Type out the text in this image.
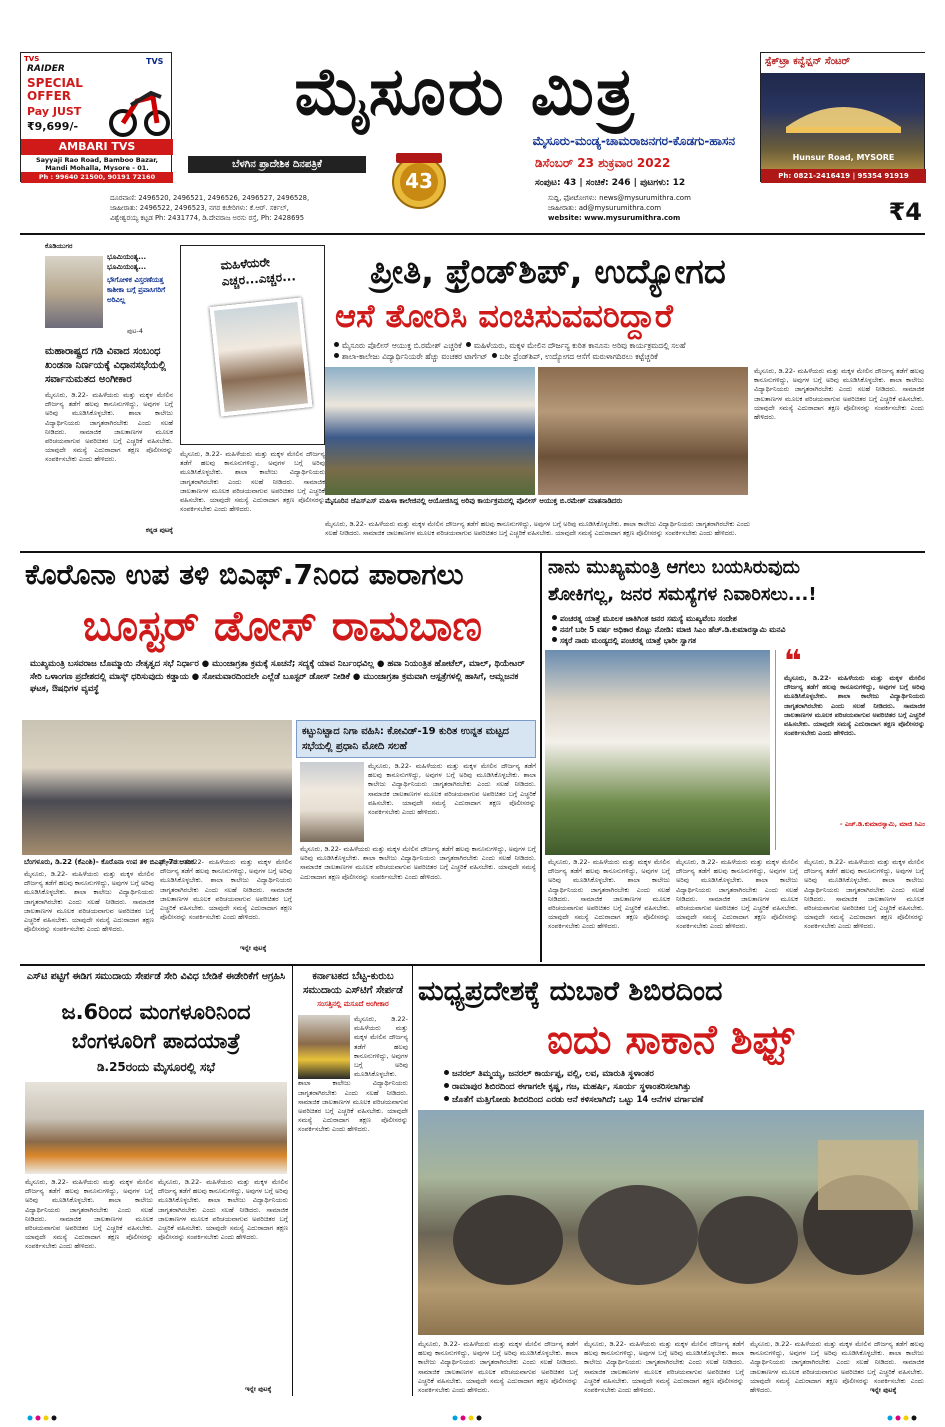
TVS
RAIDER
TVS
SPECIAL
OFFER
Pay JUST
₹9,699/-
AMBARI TVS
Sayyaji Rao Road, Bamboo Bazar,
Mandi Mohalla, Mysore - 01.
Ph : 99640 21500, 90191 72160
ಮೈಸೂರು ಮಿತ್ರ
ಮೈಸೂರು-ಮಂಡ್ಯ-ಚಾಮರಾಜನಗರ-ಕೊಡಗು-ಹಾಸನ
ಬೆಳಗಿನ ಪ್ರಾದೇಶಿಕ ದಿನಪತ್ರಿಕೆ
43
ಡಿಸೆಂಬರ್ 23 ಶುಕ್ರವಾರ 2022
ಸಂಪುಟ: 43 | ಸಂಚಿಕೆ: 246 | ಪುಟಗಳು: 12
ದೂರವಾಣಿ: 2496520, 2496521, 2496526, 2496527, 2496528,
ಜಾಹೀರಾತು: 2496522, 2496523, ನಗರ ಕಚೇರಿಗಳು: ಕೆ.ಆರ್. ಸರ್ಕಲ್,
ವಿಶ್ವೇಶ್ವರಯ್ಯ ಕಟ್ಟಡ Ph: 2431774, ಡಿ.ದೇವರಾಜ ಅರಸು ರಸ್ತೆ, Ph: 2428695
ಸುದ್ದಿ, ಫೋಟೋಗಳು: news@mysurumithra.com
ಜಾಹೀರಾತು: ad@mysurumithra.com
website: www.mysurumithra.com	₹4
ಸ್ಪೆಕ್‌ಟ್ರಾ ಕನ್ವೆನ್ಷನ್ ಸೆಂಟರ್
Hunsur Road, MYSORE
Ph: 0821-2416419 | 95354 91919
ಕೊಡಿಯುಗರ
ಭೂಮಿಯಂತ್ಯ... ಭೂಮಿಯಂತ್ಯ...
ಭೌಗೋಳಿಕ ವಿಸ್ತರಣೆಯತ್ತ ಕಾಶೀಕಾ ಬಗ್ಗೆ ಪ್ರವಾಸಿಗರಿಗೆ ಅರಿವಿಲ್ಲ
ಪುಟ-4
ಮಹಾರಾಷ್ಟ್ರದ ಗಡಿ ವಿವಾದ ಸಂಬಂಧ ಖಂಡನಾ ನಿರ್ಣಯಕ್ಕೆ ವಿಧಾನಸಭೆಯಲ್ಲಿ ಸರ್ವಾನುಮತದ ಅಂಗೀಕಾರ
ಮೈಸೂರು, ಡಿ.22- ಮಹಿಳೆಯರು ಮತ್ತು ಮಕ್ಕಳ ಮೇಲಿನ ದೌರ್ಜನ್ಯ ತಡೆಗೆ ಹಲವು ಕಾನೂನುಗಳಿದ್ದು, ಅವುಗಳ ಬಗ್ಗೆ ಅರಿವು ಮೂಡಿಸಿಕೊಳ್ಳಬೇಕು. ಶಾಲಾ ಕಾಲೇಜು ವಿದ್ಯಾರ್ಥಿನಿಯರು ಜಾಗೃತರಾಗಿರಬೇಕು ಎಂದು ಸಲಹೆ ನೀಡಿದರು. ಸಾಮಾಜಿಕ ಜಾಲತಾಣಗಳ ಮೂಲಕ ಪರಿಚಯವಾಗುವ ಅಪರಿಚಿತರ ಬಗ್ಗೆ ಎಚ್ಚರಿಕೆ ವಹಿಸಬೇಕು. ಯಾವುದೇ ಸಮಸ್ಯೆ ಎದುರಾದಾಗ ತಕ್ಷಣ ಪೊಲೀಸರನ್ನು ಸಂಪರ್ಕಿಸಬೇಕು ಎಂದು ಹೇಳಿದರು.
ಕನ್ನಡ ಪುಟಕ್ಕೆ
ಮಹಿಳೆಯರೇ ಎಚ್ಚರ...ಎಚ್ಚರ...	ಪ್ರೀತಿ, ಫ್ರೆಂಡ್‌ಶಿಪ್, ಉದ್ಯೋಗದ
ಆಸೆ ತೋರಿಸಿ ವಂಚಿಸುವವರಿದ್ದಾರೆ
ಮೈಸೂರು ಪೊಲೀಸ್ ಆಯುಕ್ತ ಬಿ.ರಮೇಶ್ ಎಚ್ಚರಿಕೆ ಮಹಿಳೆಯರು, ಮಕ್ಕಳ ಮೇಲಿನ ದೌರ್ಜನ್ಯ ಕುರಿತ ಕಾನೂನು ಅರಿವು ಕಾರ್ಯಕ್ರಮದಲ್ಲಿ ಸಲಹೆ
ಶಾಲಾ-ಕಾಲೇಜು ವಿದ್ಯಾರ್ಥಿನಿಯರೇ ಹೆಚ್ಚು ವಂಚಕರ ಟಾರ್ಗೆಟ್ ಬರೀ ಫ್ರೆಂಡ್‌ಶಿಪ್, ಉದ್ಯೋಗದ ಆಸೆಗೆ ಮರುಳಾಗದಿರಲು ಕಟ್ಟೆಚ್ಚರಿಕೆ
ಮೈಸೂರು, ಡಿ.22- ಮಹಿಳೆಯರು ಮತ್ತು ಮಕ್ಕಳ ಮೇಲಿನ ದೌರ್ಜನ್ಯ ತಡೆಗೆ ಹಲವು ಕಾನೂನುಗಳಿದ್ದು, ಅವುಗಳ ಬಗ್ಗೆ ಅರಿವು ಮೂಡಿಸಿಕೊಳ್ಳಬೇಕು. ಶಾಲಾ ಕಾಲೇಜು ವಿದ್ಯಾರ್ಥಿನಿಯರು ಜಾಗೃತರಾಗಿರಬೇಕು ಎಂದು ಸಲಹೆ ನೀಡಿದರು. ಸಾಮಾಜಿಕ ಜಾಲತಾಣಗಳ ಮೂಲಕ ಪರಿಚಯವಾಗುವ ಅಪರಿಚಿತರ ಬಗ್ಗೆ ಎಚ್ಚರಿಕೆ ವಹಿಸಬೇಕು. ಯಾವುದೇ ಸಮಸ್ಯೆ ಎದುರಾದಾಗ ತಕ್ಷಣ ಪೊಲೀಸರನ್ನು ಸಂಪರ್ಕಿಸಬೇಕು ಎಂದು ಹೇಳಿದರು.
ಮೈಸೂರಿನ ಜೆಎಸ್‌ಎಸ್ ಮಹಿಳಾ ಕಾಲೇಜಿನಲ್ಲಿ ಆಯೋಜಿಸಿದ್ದ ಅರಿವು ಕಾರ್ಯಕ್ರಮದಲ್ಲಿ ಪೊಲೀಸ್ ಆಯುಕ್ತ ಬಿ.ರಮೇಶ್ ಮಾತನಾಡಿದರು
ಮೈಸೂರು, ಡಿ.22- ಮಹಿಳೆಯರು ಮತ್ತು ಮಕ್ಕಳ ಮೇಲಿನ ದೌರ್ಜನ್ಯ ತಡೆಗೆ ಹಲವು ಕಾನೂನುಗಳಿದ್ದು, ಅವುಗಳ ಬಗ್ಗೆ ಅರಿವು ಮೂಡಿಸಿಕೊಳ್ಳಬೇಕು. ಶಾಲಾ ಕಾಲೇಜು ವಿದ್ಯಾರ್ಥಿನಿಯರು ಜಾಗೃತರಾಗಿರಬೇಕು ಎಂದು ಸಲಹೆ ನೀಡಿದರು. ಸಾಮಾಜಿಕ ಜಾಲತಾಣಗಳ ಮೂಲಕ ಪರಿಚಯವಾಗುವ ಅಪರಿಚಿತರ ಬಗ್ಗೆ ಎಚ್ಚರಿಕೆ ವಹಿಸಬೇಕು. ಯಾವುದೇ ಸಮಸ್ಯೆ ಎದುರಾದಾಗ ತಕ್ಷಣ ಪೊಲೀಸರನ್ನು ಸಂಪರ್ಕಿಸಬೇಕು ಎಂದು ಹೇಳಿದರು.
ಮೈಸೂರು, ಡಿ.22- ಮಹಿಳೆಯರು ಮತ್ತು ಮಕ್ಕಳ ಮೇಲಿನ ದೌರ್ಜನ್ಯ ತಡೆಗೆ ಹಲವು ಕಾನೂನುಗಳಿದ್ದು, ಅವುಗಳ ಬಗ್ಗೆ ಅರಿವು ಮೂಡಿಸಿಕೊಳ್ಳಬೇಕು. ಶಾಲಾ ಕಾಲೇಜು ವಿದ್ಯಾರ್ಥಿನಿಯರು ಜಾಗೃತರಾಗಿರಬೇಕು ಎಂದು ಸಲಹೆ ನೀಡಿದರು. ಸಾಮಾಜಿಕ ಜಾಲತಾಣಗಳ ಮೂಲಕ ಪರಿಚಯವಾಗುವ ಅಪರಿಚಿತರ ಬಗ್ಗೆ ಎಚ್ಚರಿಕೆ ವಹಿಸಬೇಕು. ಯಾವುದೇ ಸಮಸ್ಯೆ ಎದುರಾದಾಗ ತಕ್ಷಣ ಪೊಲೀಸರನ್ನು ಸಂಪರ್ಕಿಸಬೇಕು ಎಂದು ಹೇಳಿದರು.
ಕೊರೊನಾ ಉಪ ತಳಿ ಬಿಎಫ್.7ನಿಂದ ಪಾರಾಗಲು
ಬೂಸ್ಟರ್ ಡೋಸ್ ರಾಮಬಾಣ
ಮುಖ್ಯಮಂತ್ರಿ ಬಸವರಾಜ ಬೊಮ್ಮಾಯಿ ನೇತೃತ್ವದ ಸಭೆ ನಿರ್ಧಾರ ● ಮುಂಜಾಗ್ರತಾ ಕ್ರಮಕ್ಕೆ ಸೂಚನೆ; ಸದ್ಯಕ್ಕೆ ಯಾವ ನಿರ್ಬಂಧವಿಲ್ಲ ● ಹವಾ ನಿಯಂತ್ರಿತ ಹೋಟೆಲ್, ಮಾಲ್, ಥಿಯೇಟರ್ ಸೇರಿ ಒಳಾಂಗಣ ಪ್ರದೇಶದಲ್ಲಿ ಮಾಸ್ಕ್ ಧರಿಸುವುದು ಕಡ್ಡಾಯ ● ಸೋಮವಾರದಿಂದಲೇ ಎಲ್ಲೆಡೆ ಬೂಸ್ಟರ್ ಡೋಸ್ ನೀಡಿಕೆ ● ಮುಂಜಾಗ್ರತಾ ಕ್ರಮವಾಗಿ ಆಸ್ಪತ್ರೆಗಳಲ್ಲಿ ಹಾಸಿಗೆ, ಆಮ್ಲಜನಕ ಘಟಕ, ಔಷಧಿಗಳ ವ್ಯವಸ್ಥೆ
ಕಟ್ಟುನಿಟ್ಟಾದ ನಿಗಾ ವಹಿಸಿ: ಕೋವಿಡ್-19 ಕುರಿತ ಉನ್ನತ ಮಟ್ಟದ ಸಭೆಯಲ್ಲಿ ಪ್ರಧಾನಿ ಮೋದಿ ಸಲಹೆ
ಮೈಸೂರು, ಡಿ.22- ಮಹಿಳೆಯರು ಮತ್ತು ಮಕ್ಕಳ ಮೇಲಿನ ದೌರ್ಜನ್ಯ ತಡೆಗೆ ಹಲವು ಕಾನೂನುಗಳಿದ್ದು, ಅವುಗಳ ಬಗ್ಗೆ ಅರಿವು ಮೂಡಿಸಿಕೊಳ್ಳಬೇಕು. ಶಾಲಾ ಕಾಲೇಜು ವಿದ್ಯಾರ್ಥಿನಿಯರು ಜಾಗೃತರಾಗಿರಬೇಕು ಎಂದು ಸಲಹೆ ನೀಡಿದರು. ಸಾಮಾಜಿಕ ಜಾಲತಾಣಗಳ ಮೂಲಕ ಪರಿಚಯವಾಗುವ ಅಪರಿಚಿತರ ಬಗ್ಗೆ ಎಚ್ಚರಿಕೆ ವಹಿಸಬೇಕು. ಯಾವುದೇ ಸಮಸ್ಯೆ ಎದುರಾದಾಗ ತಕ್ಷಣ ಪೊಲೀಸರನ್ನು ಸಂಪರ್ಕಿಸಬೇಕು ಎಂದು ಹೇಳಿದರು.
ಮೈಸೂರು, ಡಿ.22- ಮಹಿಳೆಯರು ಮತ್ತು ಮಕ್ಕಳ ಮೇಲಿನ ದೌರ್ಜನ್ಯ ತಡೆಗೆ ಹಲವು ಕಾನೂನುಗಳಿದ್ದು, ಅವುಗಳ ಬಗ್ಗೆ ಅರಿವು ಮೂಡಿಸಿಕೊಳ್ಳಬೇಕು. ಶಾಲಾ ಕಾಲೇಜು ವಿದ್ಯಾರ್ಥಿನಿಯರು ಜಾಗೃತರಾಗಿರಬೇಕು ಎಂದು ಸಲಹೆ ನೀಡಿದರು. ಸಾಮಾಜಿಕ ಜಾಲತಾಣಗಳ ಮೂಲಕ ಪರಿಚಯವಾಗುವ ಅಪರಿಚಿತರ ಬಗ್ಗೆ ಎಚ್ಚರಿಕೆ ವಹಿಸಬೇಕು. ಯಾವುದೇ ಸಮಸ್ಯೆ ಎದುರಾದಾಗ ತಕ್ಷಣ ಪೊಲೀಸರನ್ನು ಸಂಪರ್ಕಿಸಬೇಕು ಎಂದು ಹೇಳಿದರು.
ಬೆಂಗಳೂರು, ಡಿ.22 (ಕೆಎಂಶಿ)- ಕೊರೊನಾ ಉಪ ತಳಿ ಬಿಎಫ್-7ರ ಆತಂಕ
ಮೈಸೂರು, ಡಿ.22- ಮಹಿಳೆಯರು ಮತ್ತು ಮಕ್ಕಳ ಮೇಲಿನ ದೌರ್ಜನ್ಯ ತಡೆಗೆ ಹಲವು ಕಾನೂನುಗಳಿದ್ದು, ಅವುಗಳ ಬಗ್ಗೆ ಅರಿವು ಮೂಡಿಸಿಕೊಳ್ಳಬೇಕು. ಶಾಲಾ ಕಾಲೇಜು ವಿದ್ಯಾರ್ಥಿನಿಯರು ಜಾಗೃತರಾಗಿರಬೇಕು ಎಂದು ಸಲಹೆ ನೀಡಿದರು. ಸಾಮಾಜಿಕ ಜಾಲತಾಣಗಳ ಮೂಲಕ ಪರಿಚಯವಾಗುವ ಅಪರಿಚಿತರ ಬಗ್ಗೆ ಎಚ್ಚರಿಕೆ ವಹಿಸಬೇಕು. ಯಾವುದೇ ಸಮಸ್ಯೆ ಎದುರಾದಾಗ ತಕ್ಷಣ ಪೊಲೀಸರನ್ನು ಸಂಪರ್ಕಿಸಬೇಕು ಎಂದು ಹೇಳಿದರು.
ಮೈಸೂರು, ಡಿ.22- ಮಹಿಳೆಯರು ಮತ್ತು ಮಕ್ಕಳ ಮೇಲಿನ ದೌರ್ಜನ್ಯ ತಡೆಗೆ ಹಲವು ಕಾನೂನುಗಳಿದ್ದು, ಅವುಗಳ ಬಗ್ಗೆ ಅರಿವು ಮೂಡಿಸಿಕೊಳ್ಳಬೇಕು. ಶಾಲಾ ಕಾಲೇಜು ವಿದ್ಯಾರ್ಥಿನಿಯರು ಜಾಗೃತರಾಗಿರಬೇಕು ಎಂದು ಸಲಹೆ ನೀಡಿದರು. ಸಾಮಾಜಿಕ ಜಾಲತಾಣಗಳ ಮೂಲಕ ಪರಿಚಯವಾಗುವ ಅಪರಿಚಿತರ ಬಗ್ಗೆ ಎಚ್ಚರಿಕೆ ವಹಿಸಬೇಕು. ಯಾವುದೇ ಸಮಸ್ಯೆ ಎದುರಾದಾಗ ತಕ್ಷಣ ಪೊಲೀಸರನ್ನು ಸಂಪರ್ಕಿಸಬೇಕು ಎಂದು ಹೇಳಿದರು.
ಇನ್ನೇ ಪುಟಕ್ಕೆ
ನಾನು ಮುಖ್ಯಮಂತ್ರಿ ಆಗಲು ಬಯಸಿರುವುದು
ಶೋಕಿಗಲ್ಲ, ಜನರ ಸಮಸ್ಯೆಗಳ ನಿವಾರಿಸಲು...!
ಪಂಚರತ್ನ ಯಾತ್ರೆ ಮೂಲಕ ಜಾತಿಗಿಂತ ಜನರ ಸಮಸ್ಯೆ ಮುಖ್ಯವೆಂಬ ಸಂದೇಶ
ನನಗೆ ಬರೀ 5 ವರ್ಷ ಅಧಿಕಾರ ಕೊಟ್ಟು ನೋಡಿ: ಮಾಜಿ ಸಿಎಂ ಹೆಚ್.ಡಿ.ಕುಮಾರಸ್ವಾಮಿ ಮನವಿ
ಸಕ್ಕರೆ ನಾಡು ಮಂಡ್ಯದಲ್ಲಿ ಪಂಚರತ್ನ ಯಾತ್ರೆ ಭಾರೀ ಸ್ವಾಗತ
❝
ಮೈಸೂರು, ಡಿ.22- ಮಹಿಳೆಯರು ಮತ್ತು ಮಕ್ಕಳ ಮೇಲಿನ ದೌರ್ಜನ್ಯ ತಡೆಗೆ ಹಲವು ಕಾನೂನುಗಳಿದ್ದು, ಅವುಗಳ ಬಗ್ಗೆ ಅರಿವು ಮೂಡಿಸಿಕೊಳ್ಳಬೇಕು. ಶಾಲಾ ಕಾಲೇಜು ವಿದ್ಯಾರ್ಥಿನಿಯರು ಜಾಗೃತರಾಗಿರಬೇಕು ಎಂದು ಸಲಹೆ ನೀಡಿದರು. ಸಾಮಾಜಿಕ ಜಾಲತಾಣಗಳ ಮೂಲಕ ಪರಿಚಯವಾಗುವ ಅಪರಿಚಿತರ ಬಗ್ಗೆ ಎಚ್ಚರಿಕೆ ವಹಿಸಬೇಕು. ಯಾವುದೇ ಸಮಸ್ಯೆ ಎದುರಾದಾಗ ತಕ್ಷಣ ಪೊಲೀಸರನ್ನು ಸಂಪರ್ಕಿಸಬೇಕು ಎಂದು ಹೇಳಿದರು.
- ಎಚ್.ಡಿ.ಕುಮಾರಸ್ವಾಮಿ, ಮಾಜಿ ಸಿಎಂ
ಮೈಸೂರು, ಡಿ.22- ಮಹಿಳೆಯರು ಮತ್ತು ಮಕ್ಕಳ ಮೇಲಿನ ದೌರ್ಜನ್ಯ ತಡೆಗೆ ಹಲವು ಕಾನೂನುಗಳಿದ್ದು, ಅವುಗಳ ಬಗ್ಗೆ ಅರಿವು ಮೂಡಿಸಿಕೊಳ್ಳಬೇಕು. ಶಾಲಾ ಕಾಲೇಜು ವಿದ್ಯಾರ್ಥಿನಿಯರು ಜಾಗೃತರಾಗಿರಬೇಕು ಎಂದು ಸಲಹೆ ನೀಡಿದರು. ಸಾಮಾಜಿಕ ಜಾಲತಾಣಗಳ ಮೂಲಕ ಪರಿಚಯವಾಗುವ ಅಪರಿಚಿತರ ಬಗ್ಗೆ ಎಚ್ಚರಿಕೆ ವಹಿಸಬೇಕು. ಯಾವುದೇ ಸಮಸ್ಯೆ ಎದುರಾದಾಗ ತಕ್ಷಣ ಪೊಲೀಸರನ್ನು ಸಂಪರ್ಕಿಸಬೇಕು ಎಂದು ಹೇಳಿದರು.
ಮೈಸೂರು, ಡಿ.22- ಮಹಿಳೆಯರು ಮತ್ತು ಮಕ್ಕಳ ಮೇಲಿನ ದೌರ್ಜನ್ಯ ತಡೆಗೆ ಹಲವು ಕಾನೂನುಗಳಿದ್ದು, ಅವುಗಳ ಬಗ್ಗೆ ಅರಿವು ಮೂಡಿಸಿಕೊಳ್ಳಬೇಕು. ಶಾಲಾ ಕಾಲೇಜು ವಿದ್ಯಾರ್ಥಿನಿಯರು ಜಾಗೃತರಾಗಿರಬೇಕು ಎಂದು ಸಲಹೆ ನೀಡಿದರು. ಸಾಮಾಜಿಕ ಜಾಲತಾಣಗಳ ಮೂಲಕ ಪರಿಚಯವಾಗುವ ಅಪರಿಚಿತರ ಬಗ್ಗೆ ಎಚ್ಚರಿಕೆ ವಹಿಸಬೇಕು. ಯಾವುದೇ ಸಮಸ್ಯೆ ಎದುರಾದಾಗ ತಕ್ಷಣ ಪೊಲೀಸರನ್ನು ಸಂಪರ್ಕಿಸಬೇಕು ಎಂದು ಹೇಳಿದರು.
ಮೈಸೂರು, ಡಿ.22- ಮಹಿಳೆಯರು ಮತ್ತು ಮಕ್ಕಳ ಮೇಲಿನ ದೌರ್ಜನ್ಯ ತಡೆಗೆ ಹಲವು ಕಾನೂನುಗಳಿದ್ದು, ಅವುಗಳ ಬಗ್ಗೆ ಅರಿವು ಮೂಡಿಸಿಕೊಳ್ಳಬೇಕು. ಶಾಲಾ ಕಾಲೇಜು ವಿದ್ಯಾರ್ಥಿನಿಯರು ಜಾಗೃತರಾಗಿರಬೇಕು ಎಂದು ಸಲಹೆ ನೀಡಿದರು. ಸಾಮಾಜಿಕ ಜಾಲತಾಣಗಳ ಮೂಲಕ ಪರಿಚಯವಾಗುವ ಅಪರಿಚಿತರ ಬಗ್ಗೆ ಎಚ್ಚರಿಕೆ ವಹಿಸಬೇಕು. ಯಾವುದೇ ಸಮಸ್ಯೆ ಎದುರಾದಾಗ ತಕ್ಷಣ ಪೊಲೀಸರನ್ನು ಸಂಪರ್ಕಿಸಬೇಕು ಎಂದು ಹೇಳಿದರು.
ಎಸ್‌ಟಿ ಪಟ್ಟಿಗೆ ಈಡಿಗ ಸಮುದಾಯ ಸೇರ್ಪಡೆ ಸೇರಿ ವಿವಿಧ ಬೇಡಿಕೆ ಈಡೇರಿಕೆಗೆ ಆಗ್ರಹಿಸಿ
ಜ.6ರಿಂದ ಮಂಗಳೂರಿನಿಂದ
ಬೆಂಗಳೂರಿಗೆ ಪಾದಯಾತ್ರೆ
ಡಿ.25ರಂದು ಮೈಸೂರಲ್ಲಿ ಸಭೆ
ಮೈಸೂರು, ಡಿ.22- ಮಹಿಳೆಯರು ಮತ್ತು ಮಕ್ಕಳ ಮೇಲಿನ ದೌರ್ಜನ್ಯ ತಡೆಗೆ ಹಲವು ಕಾನೂನುಗಳಿದ್ದು, ಅವುಗಳ ಬಗ್ಗೆ ಅರಿವು ಮೂಡಿಸಿಕೊಳ್ಳಬೇಕು. ಶಾಲಾ ಕಾಲೇಜು ವಿದ್ಯಾರ್ಥಿನಿಯರು ಜಾಗೃತರಾಗಿರಬೇಕು ಎಂದು ಸಲಹೆ ನೀಡಿದರು. ಸಾಮಾಜಿಕ ಜಾಲತಾಣಗಳ ಮೂಲಕ ಪರಿಚಯವಾಗುವ ಅಪರಿಚಿತರ ಬಗ್ಗೆ ಎಚ್ಚರಿಕೆ ವಹಿಸಬೇಕು. ಯಾವುದೇ ಸಮಸ್ಯೆ ಎದುರಾದಾಗ ತಕ್ಷಣ ಪೊಲೀಸರನ್ನು ಸಂಪರ್ಕಿಸಬೇಕು ಎಂದು ಹೇಳಿದರು.
ಮೈಸೂರು, ಡಿ.22- ಮಹಿಳೆಯರು ಮತ್ತು ಮಕ್ಕಳ ಮೇಲಿನ ದೌರ್ಜನ್ಯ ತಡೆಗೆ ಹಲವು ಕಾನೂನುಗಳಿದ್ದು, ಅವುಗಳ ಬಗ್ಗೆ ಅರಿವು ಮೂಡಿಸಿಕೊಳ್ಳಬೇಕು. ಶಾಲಾ ಕಾಲೇಜು ವಿದ್ಯಾರ್ಥಿನಿಯರು ಜಾಗೃತರಾಗಿರಬೇಕು ಎಂದು ಸಲಹೆ ನೀಡಿದರು. ಸಾಮಾಜಿಕ ಜಾಲತಾಣಗಳ ಮೂಲಕ ಪರಿಚಯವಾಗುವ ಅಪರಿಚಿತರ ಬಗ್ಗೆ ಎಚ್ಚರಿಕೆ ವಹಿಸಬೇಕು. ಯಾವುದೇ ಸಮಸ್ಯೆ ಎದುರಾದಾಗ ತಕ್ಷಣ ಪೊಲೀಸರನ್ನು ಸಂಪರ್ಕಿಸಬೇಕು ಎಂದು ಹೇಳಿದರು.
ಇನ್ನೇ ಪುಟಕ್ಕೆ
ಕರ್ನಾಟಕದ ಬೆಟ್ಟ-ಕುರುಬ ಸಮುದಾಯ ಎಸ್‌ಟಿಗೆ ಸೇರ್ಪಡೆ
ಸಂಸತ್ತಿನಲ್ಲಿ ಮಸೂದೆ ಅಂಗೀಕಾರ
ಮೈಸೂರು, ಡಿ.22- ಮಹಿಳೆಯರು ಮತ್ತು ಮಕ್ಕಳ ಮೇಲಿನ ದೌರ್ಜನ್ಯ ತಡೆಗೆ ಹಲವು ಕಾನೂನುಗಳಿದ್ದು, ಅವುಗಳ ಬಗ್ಗೆ ಅರಿವು ಮೂಡಿಸಿಕೊಳ್ಳಬೇಕು. ಶಾಲಾ ಕಾಲೇಜು ವಿದ್ಯಾರ್ಥಿನಿಯರು ಜಾಗೃತರಾಗಿರಬೇಕು ಎಂದು ಸಲಹೆ ನೀಡಿದರು. ಸಾಮಾಜಿಕ ಜಾಲತಾಣಗಳ ಮೂಲಕ ಪರಿಚಯವಾಗುವ ಅಪರಿಚಿತರ ಬಗ್ಗೆ ಎಚ್ಚರಿಕೆ ವಹಿಸಬೇಕು. ಯಾವುದೇ ಸಮಸ್ಯೆ ಎದುರಾದಾಗ ತಕ್ಷಣ ಪೊಲೀಸರನ್ನು ಸಂಪರ್ಕಿಸಬೇಕು ಎಂದು ಹೇಳಿದರು.
ಮಧ್ಯಪ್ರದೇಶಕ್ಕೆ ದುಬಾರೆ ಶಿಬಿರದಿಂದ
ಐದು ಸಾಕಾನೆ ಶಿಫ್ಟ್
ಜನರಲ್ ತಿಮ್ಮಯ್ಯ, ಜನರಲ್ ಕಾರ್ಯಪ್ಪ, ವಲ್ಲಿ, ಲವ, ಮಾರುತಿ ಸ್ಥಳಾಂತರ
ರಾಮಾಪುರ ಶಿಬಿರದಿಂದ ಈಗಾಗಲೇ ಕೃಷ್ಣ, ಗಜ, ಮಹರ್ಷಿ, ಸೂರ್ಯ ಸ್ಥಳಾಂತರಿಸಲಾಗಿತ್ತು
ಜೊತೆಗೆ ಮತ್ತಿಗೋಡು ಶಿಬಿರದಿಂದ ಎರಡು ಆನೆ ಕಳಿಸಲಾಗಿದೆ; ಒಟ್ಟು 14 ಆನೆಗಳ ವರ್ಗಾವಣೆ
ಮೈಸೂರು, ಡಿ.22- ಮಹಿಳೆಯರು ಮತ್ತು ಮಕ್ಕಳ ಮೇಲಿನ ದೌರ್ಜನ್ಯ ತಡೆಗೆ ಹಲವು ಕಾನೂನುಗಳಿದ್ದು, ಅವುಗಳ ಬಗ್ಗೆ ಅರಿವು ಮೂಡಿಸಿಕೊಳ್ಳಬೇಕು. ಶಾಲಾ ಕಾಲೇಜು ವಿದ್ಯಾರ್ಥಿನಿಯರು ಜಾಗೃತರಾಗಿರಬೇಕು ಎಂದು ಸಲಹೆ ನೀಡಿದರು. ಸಾಮಾಜಿಕ ಜಾಲತಾಣಗಳ ಮೂಲಕ ಪರಿಚಯವಾಗುವ ಅಪರಿಚಿತರ ಬಗ್ಗೆ ಎಚ್ಚರಿಕೆ ವಹಿಸಬೇಕು. ಯಾವುದೇ ಸಮಸ್ಯೆ ಎದುರಾದಾಗ ತಕ್ಷಣ ಪೊಲೀಸರನ್ನು ಸಂಪರ್ಕಿಸಬೇಕು ಎಂದು ಹೇಳಿದರು.
ಮೈಸೂರು, ಡಿ.22- ಮಹಿಳೆಯರು ಮತ್ತು ಮಕ್ಕಳ ಮೇಲಿನ ದೌರ್ಜನ್ಯ ತಡೆಗೆ ಹಲವು ಕಾನೂನುಗಳಿದ್ದು, ಅವುಗಳ ಬಗ್ಗೆ ಅರಿವು ಮೂಡಿಸಿಕೊಳ್ಳಬೇಕು. ಶಾಲಾ ಕಾಲೇಜು ವಿದ್ಯಾರ್ಥಿನಿಯರು ಜಾಗೃತರಾಗಿರಬೇಕು ಎಂದು ಸಲಹೆ ನೀಡಿದರು. ಸಾಮಾಜಿಕ ಜಾಲತಾಣಗಳ ಮೂಲಕ ಪರಿಚಯವಾಗುವ ಅಪರಿಚಿತರ ಬಗ್ಗೆ ಎಚ್ಚರಿಕೆ ವಹಿಸಬೇಕು. ಯಾವುದೇ ಸಮಸ್ಯೆ ಎದುರಾದಾಗ ತಕ್ಷಣ ಪೊಲೀಸರನ್ನು ಸಂಪರ್ಕಿಸಬೇಕು ಎಂದು ಹೇಳಿದರು.
ಮೈಸೂರು, ಡಿ.22- ಮಹಿಳೆಯರು ಮತ್ತು ಮಕ್ಕಳ ಮೇಲಿನ ದೌರ್ಜನ್ಯ ತಡೆಗೆ ಹಲವು ಕಾನೂನುಗಳಿದ್ದು, ಅವುಗಳ ಬಗ್ಗೆ ಅರಿವು ಮೂಡಿಸಿಕೊಳ್ಳಬೇಕು. ಶಾಲಾ ಕಾಲೇಜು ವಿದ್ಯಾರ್ಥಿನಿಯರು ಜಾಗೃತರಾಗಿರಬೇಕು ಎಂದು ಸಲಹೆ ನೀಡಿದರು. ಸಾಮಾಜಿಕ ಜಾಲತಾಣಗಳ ಮೂಲಕ ಪರಿಚಯವಾಗುವ ಅಪರಿಚಿತರ ಬಗ್ಗೆ ಎಚ್ಚರಿಕೆ ವಹಿಸಬೇಕು. ಯಾವುದೇ ಸಮಸ್ಯೆ ಎದುರಾದಾಗ ತಕ್ಷಣ ಪೊಲೀಸರನ್ನು ಸಂಪರ್ಕಿಸಬೇಕು ಎಂದು ಹೇಳಿದರು.	ಇನ್ನೇ ಪುಟಕ್ಕೆ
